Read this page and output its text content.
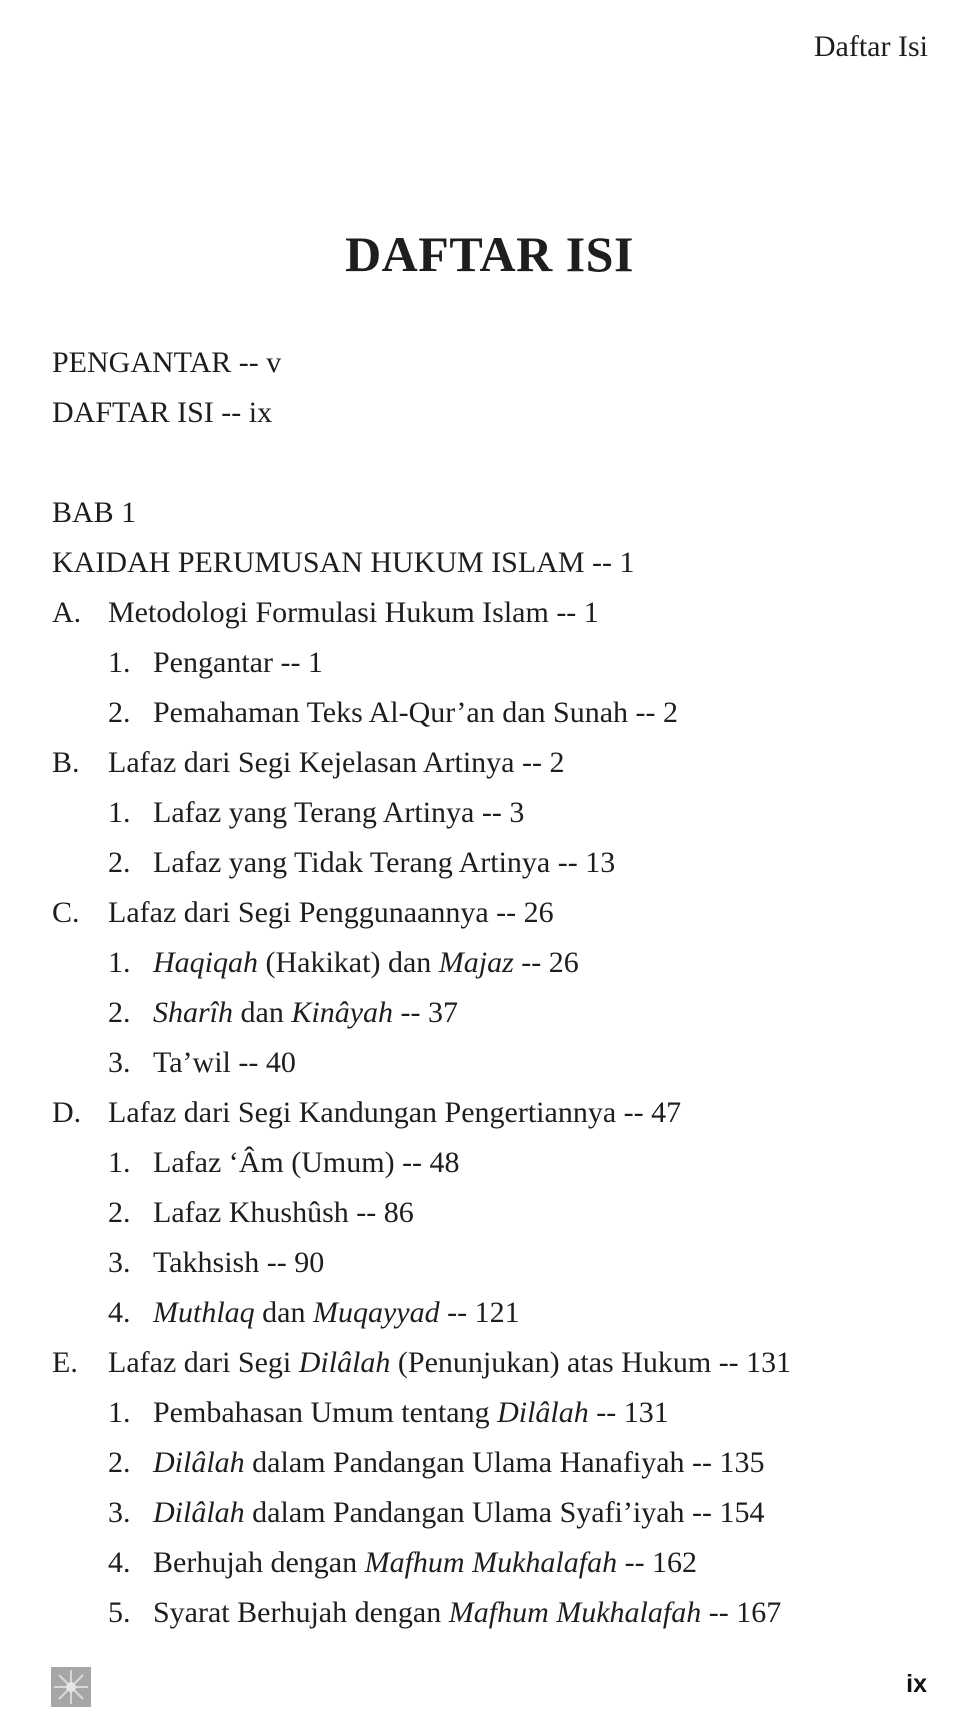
Daftar Isi
DAFTAR ISI
PENGANTAR -- v
DAFTAR ISI -- ix
BAB 1
KAIDAH PERUMUSAN HUKUM ISLAM -- 1
A. Metodologi Formulasi Hukum Islam -- 1
1. Pengantar -- 1
2. Pemahaman Teks Al-Qur’an dan Sunah -- 2
B. Lafaz dari Segi Kejelasan Artinya -- 2
1. Lafaz yang Terang Artinya -- 3
2. Lafaz yang Tidak Terang Artinya -- 13
C. Lafaz dari Segi Penggunaannya -- 26
1. Haqiqah (Hakikat) dan Majaz -- 26
2. Sharîh dan Kinâyah -- 37
3. Ta’wil -- 40
D. Lafaz dari Segi Kandungan Pengertiannya -- 47
1. Lafaz ‘Âm (Umum) -- 48
2. Lafaz Khushûsh -- 86
3. Takhsish -- 90
4. Muthlaq dan Muqayyad -- 121
E. Lafaz dari Segi Dilâlah (Penunjukan) atas Hukum -- 131
1. Pembahasan Umum tentang Dilâlah -- 131
2. Dilâlah dalam Pandangan Ulama Hanafiyah -- 135
3. Dilâlah dalam Pandangan Ulama Syafi’iyah -- 154
4. Berhujah dengan Mafhum Mukhalafah -- 162
5. Syarat Berhujah dengan Mafhum Mukhalafah -- 167
ix
